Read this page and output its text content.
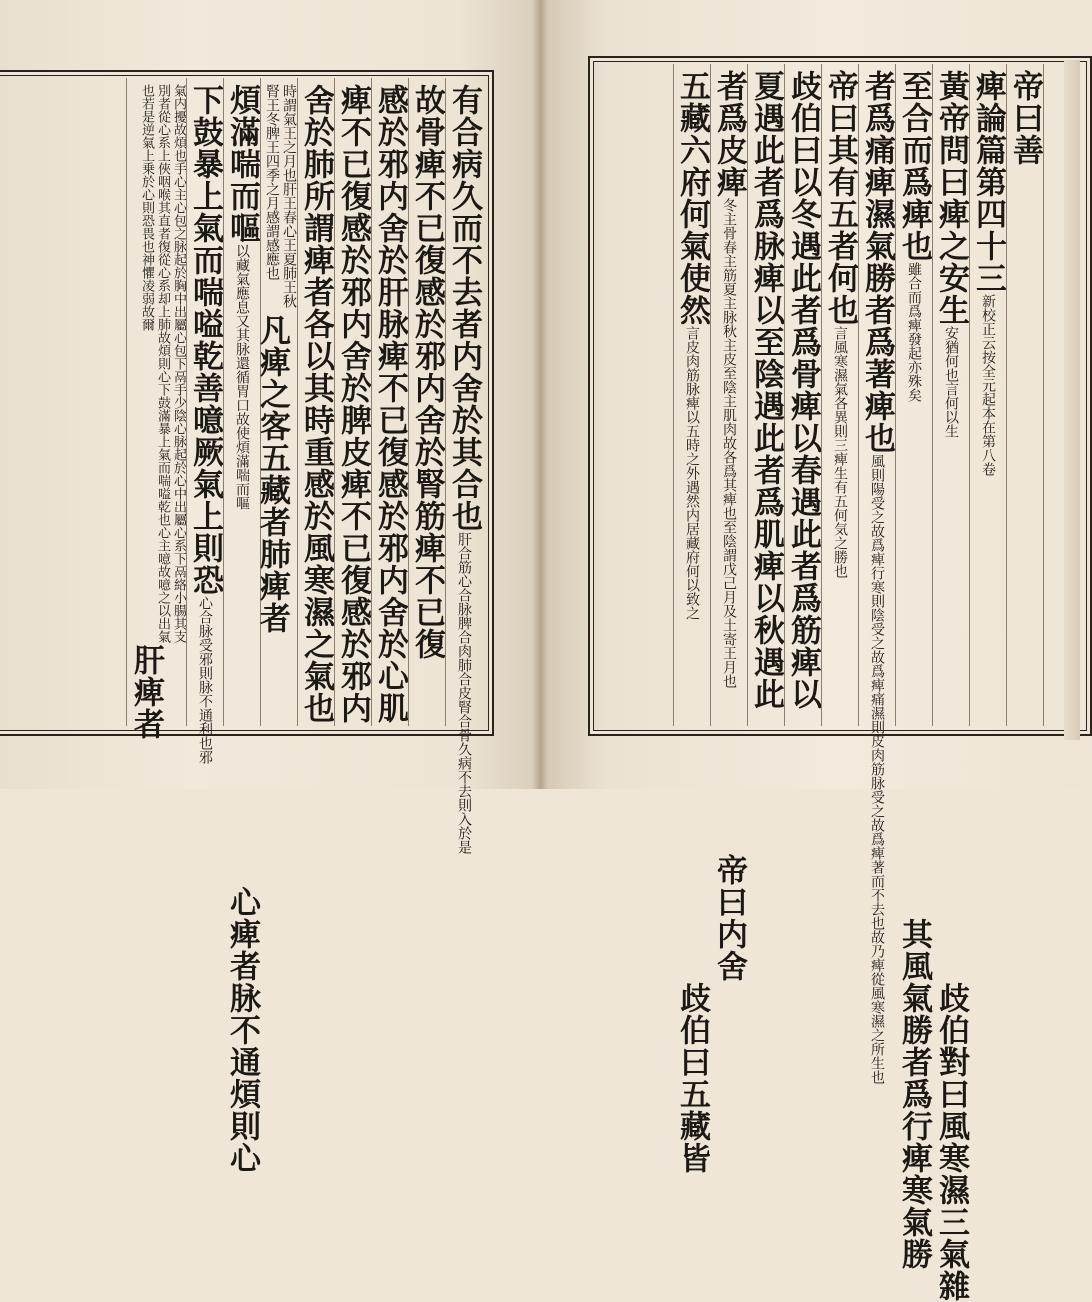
帝曰善
痺論篇第四十三新校正云按全元起本在第八卷
黃帝問曰痺之安生安猶何也言何以生歧伯對曰風寒濕三氣雜
至合而爲痺也雖合而爲痺發起亦殊矣其風氣勝者爲行痺寒氣勝
者爲痛痺濕氣勝者爲著痺也風則陽受之故爲痺行寒則陰受之故爲痺痛濕則皮肉筋脉受之故爲痺著而不去也故乃痺從風寒濕之所生也
帝曰其有五者何也言風寒濕氣各異則三痺生有五何気之勝也
歧伯曰以冬遇此者爲骨痺以春遇此者爲筋痺以
夏遇此者爲脉痺以至陰遇此者爲肌痺以秋遇此
者爲皮痺冬主骨春主筋夏主脉秋主皮至陰主肌肉故各爲其痺也至陰謂戊己月及土寄王月也帝曰内舍
五藏六府何氣使然言皮肉筋脉痺以五時之外遇然内居藏府何以致之歧伯曰五藏皆
有合病久而不去者内舍於其合也肝合筋心合脉脾合肉肺合皮腎合骨久病不去則入於是
故骨痺不已復感於邪内舍於腎筋痺不已復
感於邪内舍於肝脉痺不已復感於邪内舍於心肌
痺不已復感於邪内舍於脾皮痺不已復感於邪内
舍於肺所謂痺者各以其時重感於風寒濕之氣也
時謂氣王之月也肝王春心王夏肺王秋腎王冬脾王四季之月感謂感應也凡痺之客五藏者肺痺者
煩滿喘而嘔以藏氣應息又其脉還循胃口故使煩滿喘而嘔心痺者脉不通煩則心
下鼓暴上氣而喘嗌乾善噫厥氣上則恐心合脉受邪則脉不通利也邪
氣内擾故煩也手心主心包之脉起於胸中出屬心包下鬲手少陰心脉起於心中出屬心系下鬲絡小腸其支別者從心系上俠咽喉其直者復從心系却上肺故煩則心下鼓滿暴上氣而喘嗌乾也心主噫故噫之以出氣也若是逆氣上乗於心則恐畏也神懼凌弱故爾肝痺者
